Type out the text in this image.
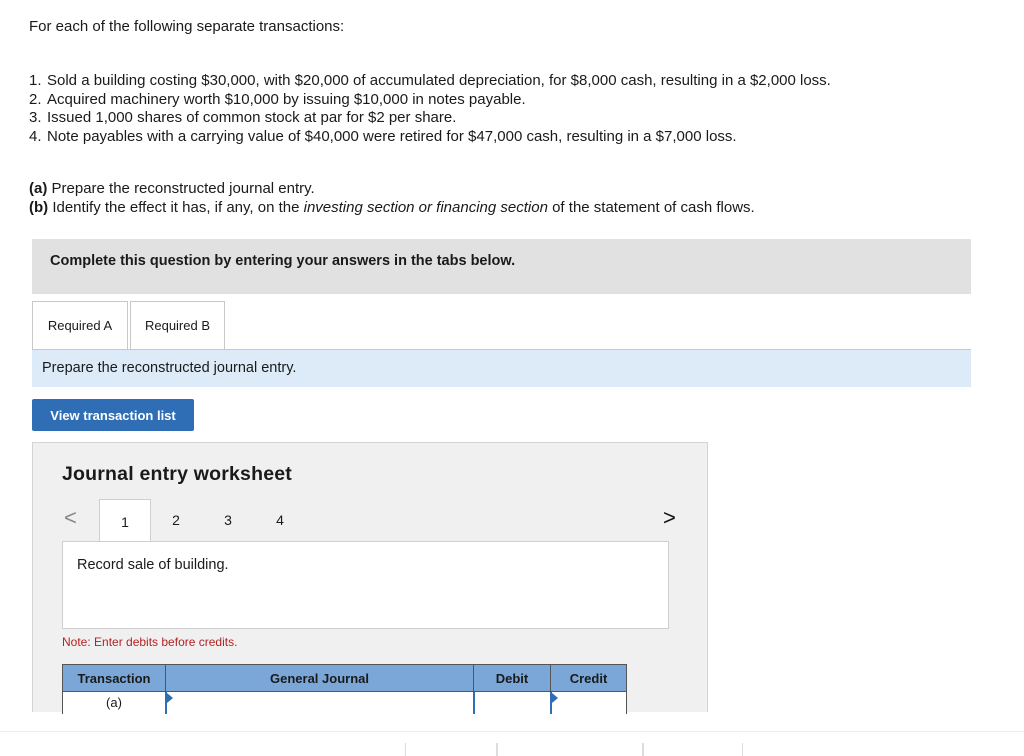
For each of the following separate transactions:
1. Sold a building costing $30,000, with $20,000 of accumulated depreciation, for $8,000 cash, resulting in a $2,000 loss.
2. Acquired machinery worth $10,000 by issuing $10,000 in notes payable.
3. Issued 1,000 shares of common stock at par for $2 per share.
4. Note payables with a carrying value of $40,000 were retired for $47,000 cash, resulting in a $7,000 loss.
(a) Prepare the reconstructed journal entry.
(b) Identify the effect it has, if any, on the investing section or financing section of the statement of cash flows.
Complete this question by entering your answers in the tabs below.
Required A	Required B
Prepare the reconstructed journal entry.
View transaction list
Journal entry worksheet
<	1	2	3	4	>
Record sale of building.
Note: Enter debits before credits.
Transaction	General Journal	Debit	Credit
(a)	
